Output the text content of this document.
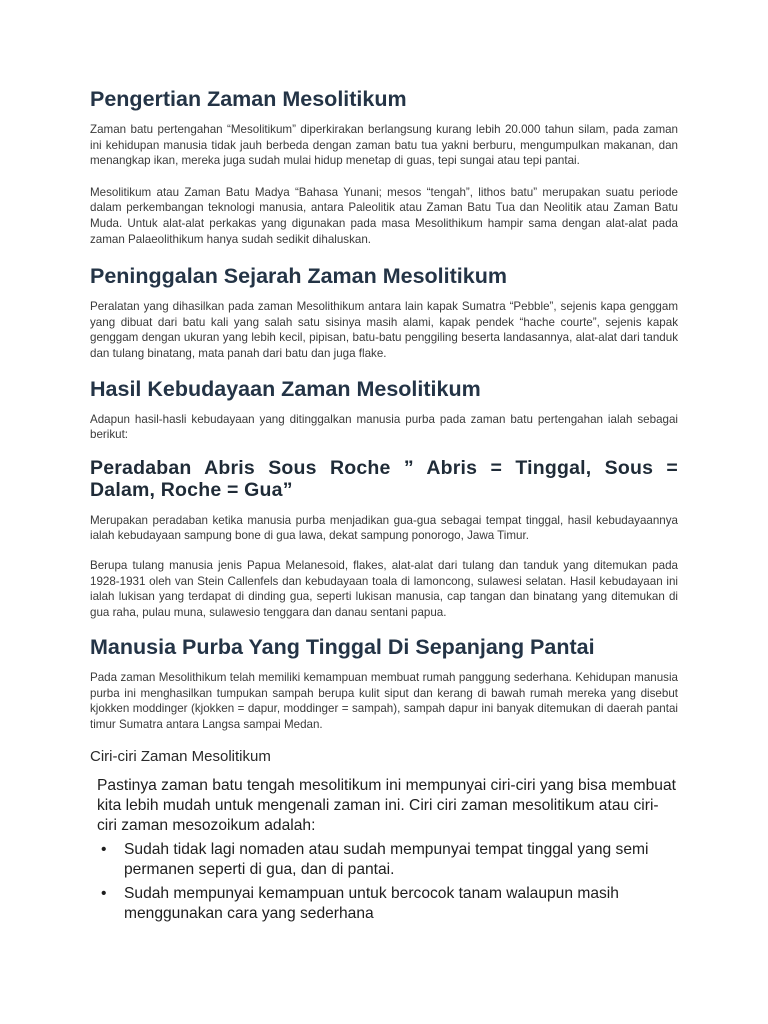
Pengertian Zaman Mesolitikum

Zaman batu pertengahan “Mesolitikum” diperkirakan berlangsung kurang lebih 20.000 tahun silam, pada zaman ini kehidupan manusia tidak jauh berbeda dengan zaman batu tua yakni berburu, mengumpulkan makanan, dan menangkap ikan, mereka juga sudah mulai hidup menetap di guas, tepi sungai atau tepi pantai.

Mesolitikum atau Zaman Batu Madya “Bahasa Yunani; mesos “tengah”, lithos batu” merupakan suatu periode dalam perkembangan teknologi manusia, antara Paleolitik atau Zaman Batu Tua dan Neolitik atau Zaman Batu Muda. Untuk alat-alat perkakas yang digunakan pada masa Mesolithikum hampir sama dengan alat-alat pada zaman Palaeolithikum hanya sudah sedikit dihaluskan.

Peninggalan Sejarah Zaman Mesolitikum

Peralatan yang dihasilkan pada zaman Mesolithikum antara lain kapak Sumatra “Pebble”, sejenis kapa genggam yang dibuat dari batu kali yang salah satu sisinya masih alami, kapak pendek “hache courte”, sejenis kapak genggam dengan ukuran yang lebih kecil, pipisan, batu-batu penggiling beserta landasannya, alat-alat dari tanduk dan tulang binatang, mata panah dari batu dan juga flake.

Hasil Kebudayaan Zaman Mesolitikum

Adapun hasil-hasli kebudayaan yang ditinggalkan manusia purba pada zaman batu pertengahan ialah sebagai berikut:

Peradaban Abris Sous Roche ” Abris = Tinggal, Sous = Dalam, Roche = Gua”

Merupakan peradaban ketika manusia purba menjadikan gua-gua sebagai tempat tinggal, hasil kebudayaannya ialah kebudayaan sampung bone di gua lawa, dekat sampung ponorogo, Jawa Timur.

Berupa tulang manusia jenis Papua Melanesoid, flakes, alat-alat dari tulang dan tanduk yang ditemukan pada 1928-1931 oleh van Stein Callenfels dan kebudayaan toala di lamoncong, sulawesi selatan. Hasil kebudayaan ini ialah lukisan yang terdapat di dinding gua, seperti lukisan manusia, cap tangan dan binatang yang ditemukan di gua raha, pulau muna, sulawesio tenggara dan danau sentani papua.

Manusia Purba Yang Tinggal Di Sepanjang Pantai

Pada zaman Mesolithikum telah memiliki kemampuan membuat rumah panggung sederhana. Kehidupan manusia purba ini menghasilkan tumpukan sampah berupa kulit siput dan kerang di bawah rumah mereka yang disebut kjokken moddinger (kjokken = dapur, moddinger = sampah), sampah dapur ini banyak ditemukan di daerah pantai timur Sumatra antara Langsa sampai Medan.

Ciri-ciri Zaman Mesolitikum

Pastinya zaman batu tengah mesolitikum ini mempunyai ciri-ciri yang bisa membuat kita lebih mudah untuk mengenali zaman ini. Ciri ciri zaman mesolitikum atau ciri-ciri zaman mesozoikum adalah:

• Sudah tidak lagi nomaden atau sudah mempunyai tempat tinggal yang semi permanen seperti di gua, dan di pantai.
• Sudah mempunyai kemampuan untuk bercocok tanam walaupun masih menggunakan cara yang sederhana
